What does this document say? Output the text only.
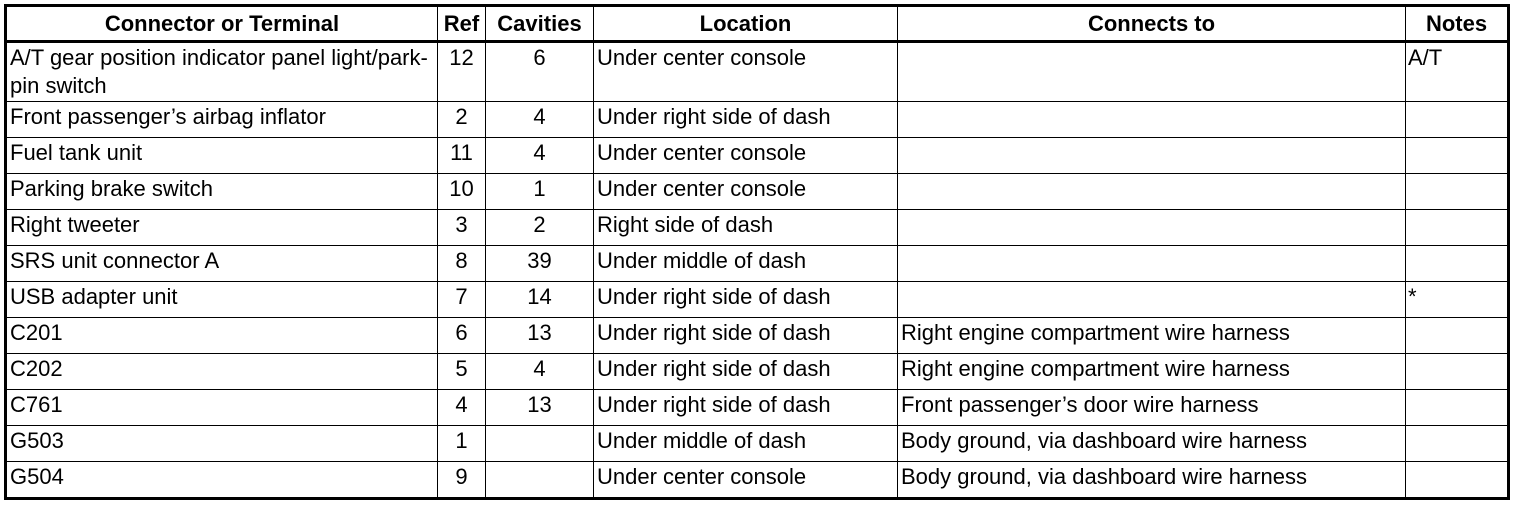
Connector or Terminal	Ref	Cavities	Location	Connects to	Notes
A/T gear position indicator panel light/park-pin switch	12	6	Under center console		A/T
Front passenger’s airbag inflator	2	4	Under right side of dash		
Fuel tank unit	11	4	Under center console		
Parking brake switch	10	1	Under center console		
Right tweeter	3	2	Right side of dash		
SRS unit connector A	8	39	Under middle of dash		
USB adapter unit	7	14	Under right side of dash		*
C201	6	13	Under right side of dash	Right engine compartment wire harness	
C202	5	4	Under right side of dash	Right engine compartment wire harness	
C761	4	13	Under right side of dash	Front passenger’s door wire harness	
G503	1		Under middle of dash	Body ground, via dashboard wire harness	
G504	9		Under center console	Body ground, via dashboard wire harness	
